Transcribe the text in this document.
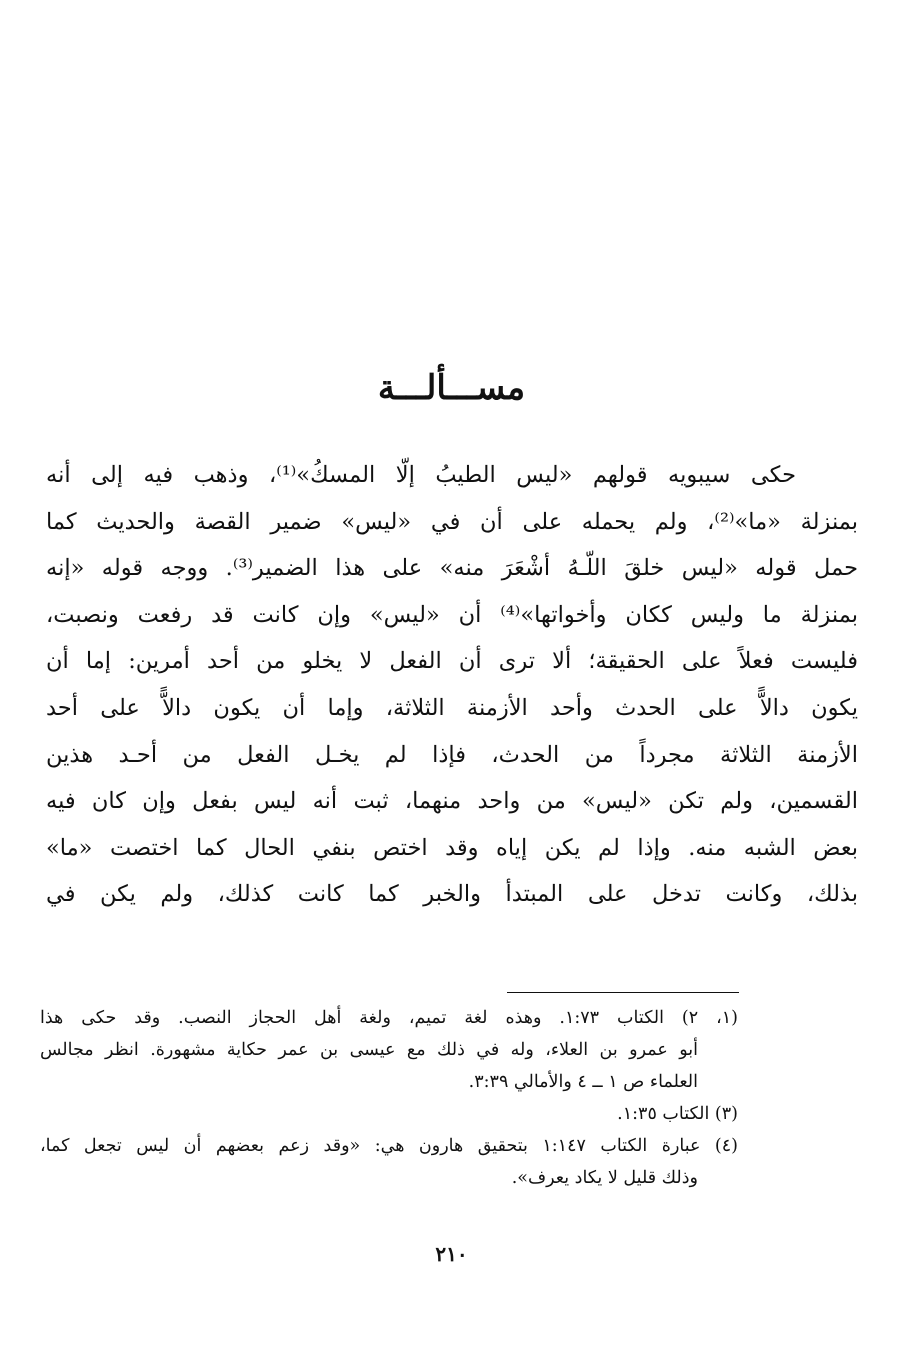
مســـألـــة
حكى سيبويه قولهم «ليس الطيبُ إلّا المسكُ»⁽¹⁾، وذهب فيه إلى أنه
بمنزلة «ما»⁽²⁾، ولم يحمله على أن في «ليس» ضمير القصة والحديث كما
حمل قوله «ليس خلقَ اللّـهُ أشْعَرَ منه» على هذا الضمير⁽³⁾. ووجه قوله «إنه
بمنزلة ما وليس ككان وأخواتها»⁽⁴⁾ أن «ليس» وإن كانت قد رفعت ونصبت،
فليست فعلاً على الحقيقة؛ ألا ترى أن الفعل لا يخلو من أحد أمرين: إما أن
يكون دالاًّ على الحدث وأحد الأزمنة الثلاثة، وإما أن يكون دالاًّ على أحد
الأزمنة الثلاثة مجرداً من الحدث، فإذا لم يخـل الفعل من أحـد هذين
القسمين، ولم تكن «ليس» من واحد منهما، ثبت أنه ليس بفعل وإن كان فيه
بعض الشبه منه. وإذا لم يكن إياه وقد اختص بنفي الحال كما اختصت «ما»
بذلك، وكانت تدخل على المبتدأ والخبر كما كانت كذلك، ولم يكن في
(١، ٢) الكتاب ١:٧٣. وهذه لغة تميم، ولغة أهل الحجاز النصب. وقد حكى هذا
أبو عمرو بن العلاء، وله في ذلك مع عيسى بن عمر حكاية مشهورة. انظر مجالس
العلماء ص ١ ــ ٤ والأمالي ٣:٣٩.
(٣) الكتاب ١:٣٥.
(٤) عبارة الكتاب ١:١٤٧ بتحقيق هارون هي: «وقد زعم بعضهم أن ليس تجعل كما،
وذلك قليل لا يكاد يعرف».
٢١٠
